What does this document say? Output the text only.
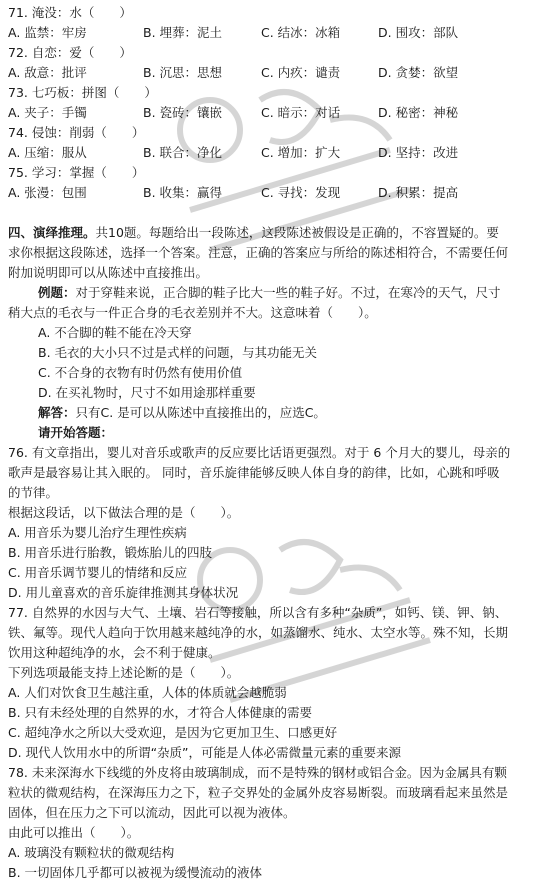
71. 淹没：水（　　）
A. 监禁：牢房	B. 埋葬：泥土	C. 结冰：冰箱	D. 围攻：部队
72. 自恋：爱（　　）
A. 敌意：批评	B. 沉思：思想	C. 内疚：谴责	D. 贪婪：欲望
73. 七巧板：拼图（　　）
A. 夹子：手镯	B. 瓷砖：镶嵌	C. 暗示：对话	D. 秘密：神秘
74. 侵蚀：削弱（　　）
A. 压缩：服从	B. 联合：净化	C. 增加：扩大	D. 坚持：改进
75. 学习：掌握（　　）
A. 张漫：包围	B. 收集：赢得	C. 寻找：发现	D. 积累：提高
四、演绎推理。共10题。每题给出一段陈述，这段陈述被假设是正确的，不容置疑的。要
求你根据这段陈述，选择一个答案。注意，正确的答案应与所给的陈述相符合，不需要任何
附加说明即可以从陈述中直接推出。
例题：对于穿鞋来说，正合脚的鞋子比大一些的鞋子好。不过，在寒冷的天气，尺寸
稍大点的毛衣与一件正合身的毛衣差别并不大。这意味着（　　）。
A. 不合脚的鞋不能在冷天穿
B. 毛衣的大小只不过是式样的问题，与其功能无关
C. 不合身的衣物有时仍然有使用价值
D. 在买礼物时，尺寸不如用途那样重要
解答：只有C. 是可以从陈述中直接推出的，应选C。
请开始答题：
76. 有文章指出，婴儿对音乐或歌声的反应要比话语更强烈。对于 6 个月大的婴儿，母亲的
歌声是最容易让其入眠的。 同时，音乐旋律能够反映人体自身的韵律，比如，心跳和呼吸
的节律。
根据这段话，以下做法合理的是（　　）。
A. 用音乐为婴儿治疗生理性疾病
B. 用音乐进行胎教，锻炼胎儿的四肢
C. 用音乐调节婴儿的情绪和反应
D. 用儿童喜欢的音乐旋律推测其身体状况
77. 自然界的水因与大气、土壤、岩石等接触，所以含有多种“杂质”，如钙、镁、钾、钠、
铁、氟等。现代人趋向于饮用越来越纯净的水，如蒸馏水、纯水、太空水等。殊不知，长期
饮用这种超纯净的水，会不利于健康。
下列选项最能支持上述论断的是（　　）。
A. 人们对饮食卫生越注重，人体的体质就会越脆弱
B. 只有未经处理的自然界的水，才符合人体健康的需要
C. 超纯净水之所以大受欢迎，是因为它更加卫生、口感更好
D. 现代人饮用水中的所谓“杂质”，可能是人体必需微量元素的重要来源
78. 未来深海水下线缆的外皮将由玻璃制成，而不是特殊的钢材或铝合金。因为金属具有颗
粒状的微观结构，在深海压力之下，粒子交界处的金属外皮容易断裂。而玻璃看起来虽然是
固体，但在压力之下可以流动，因此可以视为液体。
由此可以推出（　　）。
A. 玻璃没有颗粒状的微观结构
B. 一切固体几乎都可以被视为缓慢流动的液体
